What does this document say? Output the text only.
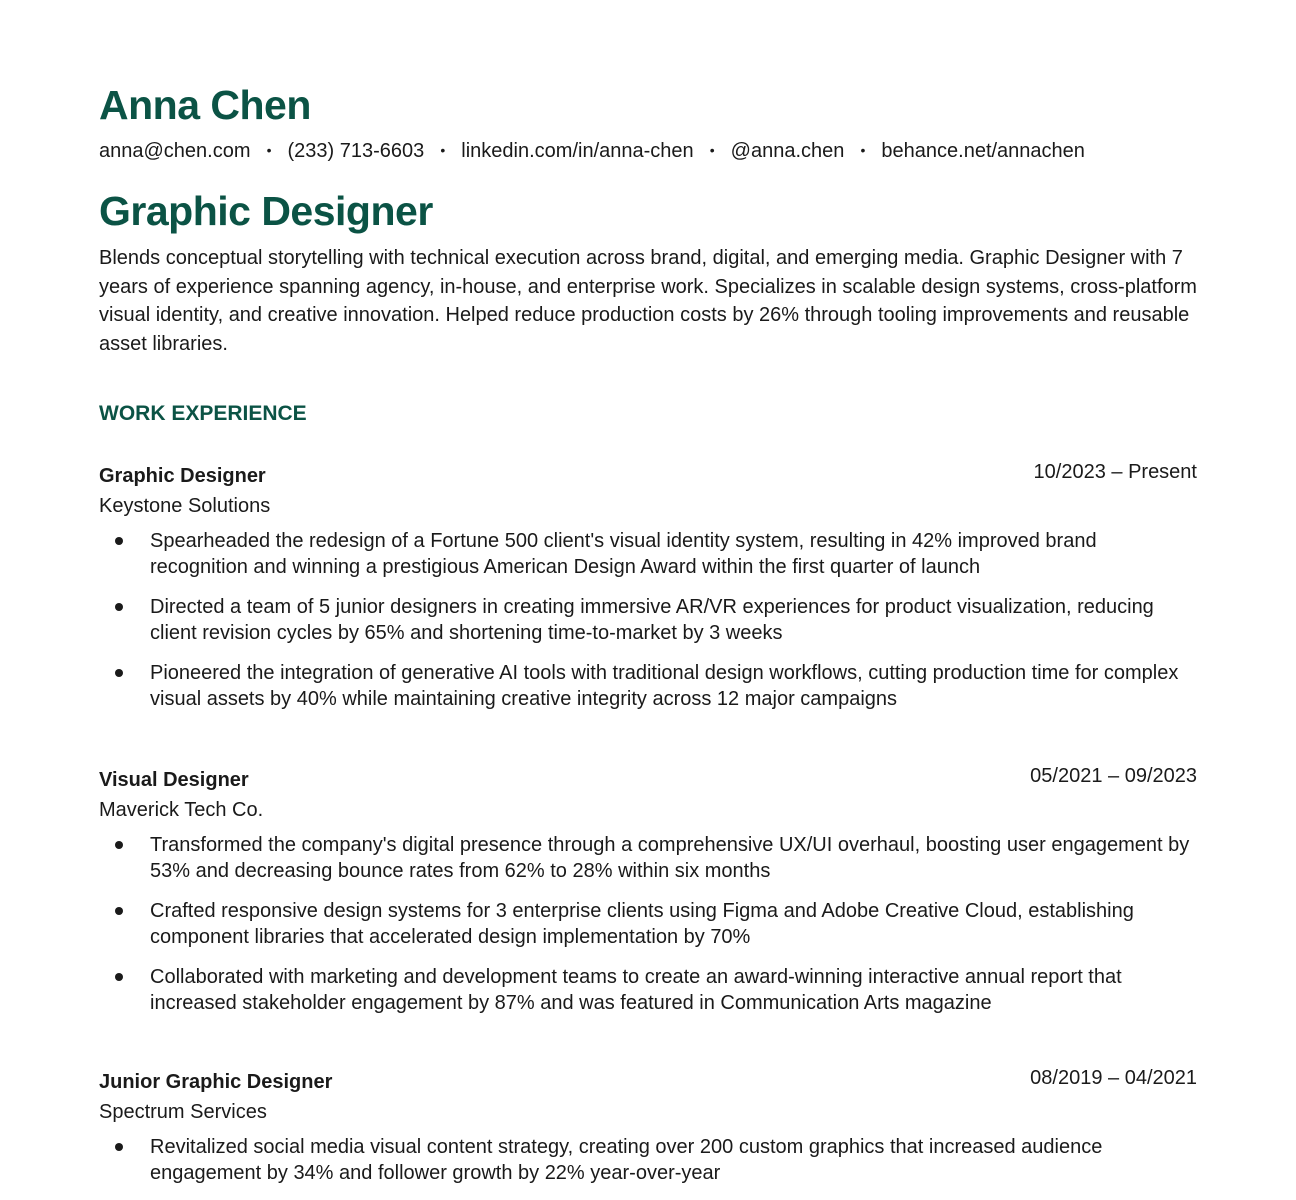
Anna Chen
anna@chen.com • (233) 713-6603 • linkedin.com/in/anna-chen • @anna.chen • behance.net/annachen
Graphic Designer

Blends conceptual storytelling with technical execution across brand, digital, and emerging media. Graphic Designer with 7 years of experience spanning agency, in-house, and enterprise work. Specializes in scalable design systems, cross-platform visual identity, and creative innovation. Helped reduce production costs by 26% through tooling improvements and reusable asset libraries.

WORK EXPERIENCE
Graphic Designer	10/2023 – Present
Keystone Solutions
Spearheaded the redesign of a Fortune 500 client's visual identity system, resulting in 42% improved brand recognition and winning a prestigious American Design Award within the first quarter of launch
Directed a team of 5 junior designers in creating immersive AR/VR experiences for product visualization, reducing client revision cycles by 65% and shortening time-to-market by 3 weeks
Pioneered the integration of generative AI tools with traditional design workflows, cutting production time for complex visual assets by 40% while maintaining creative integrity across 12 major campaigns
Visual Designer	05/2021 – 09/2023
Maverick Tech Co.
Transformed the company's digital presence through a comprehensive UX/UI overhaul, boosting user engagement by 53% and decreasing bounce rates from 62% to 28% within six months
Crafted responsive design systems for 3 enterprise clients using Figma and Adobe Creative Cloud, establishing component libraries that accelerated design implementation by 70%
Collaborated with marketing and development teams to create an award-winning interactive annual report that increased stakeholder engagement by 87% and was featured in Communication Arts magazine
Junior Graphic Designer	08/2019 – 04/2021
Spectrum Services
Revitalized social media visual content strategy, creating over 200 custom graphics that increased audience engagement by 34% and follower growth by 22% year-over-year
